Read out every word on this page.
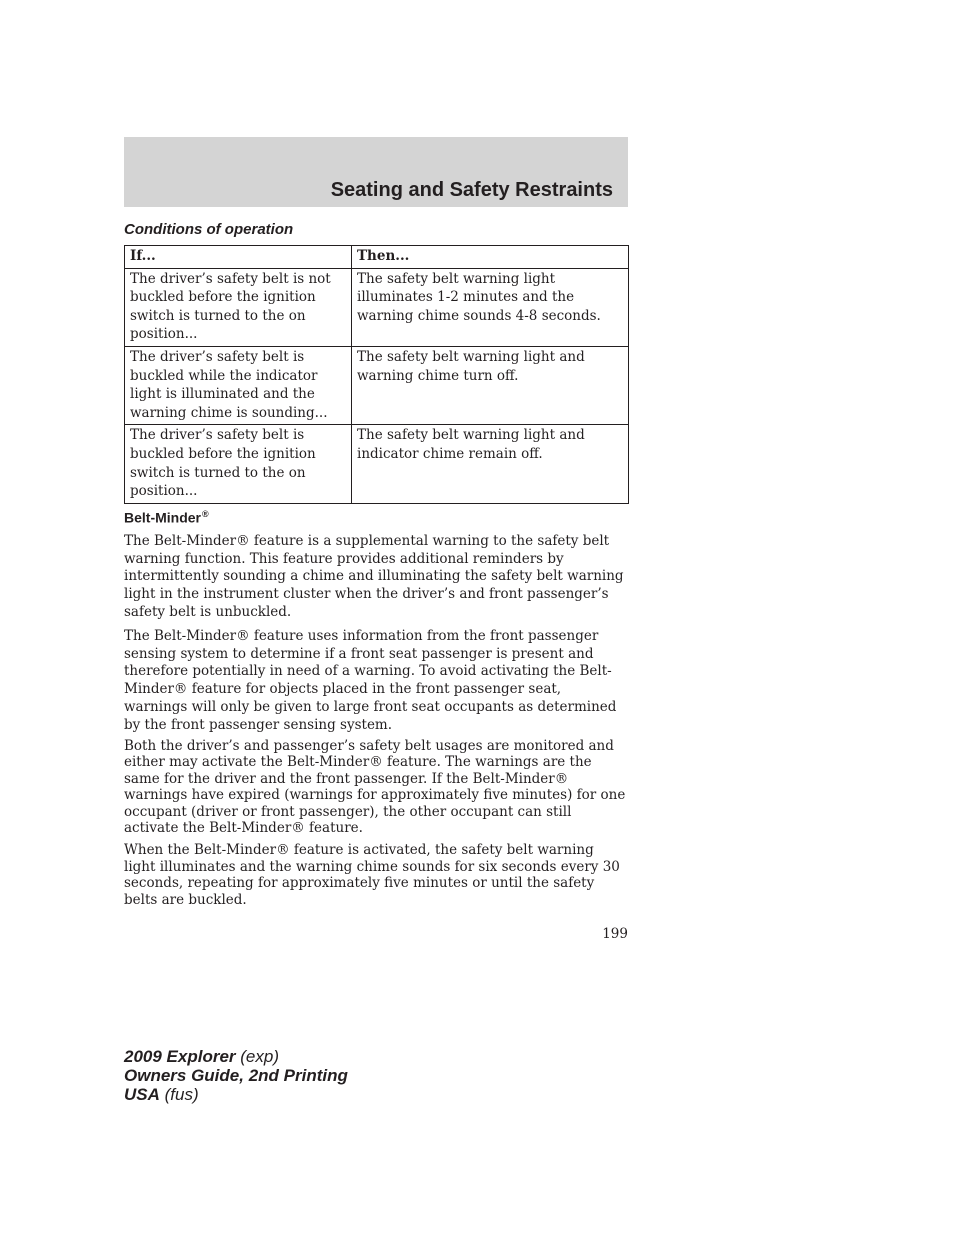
Seating and Safety Restraints
Conditions of operation
If...	Then...
The driver’s safety belt is not buckled before the ignition switch is turned to the on position...	The safety belt warning light illuminates 1-2 minutes and the warning chime sounds 4-8 seconds.
The driver’s safety belt is buckled while the indicator light is illuminated and the warning chime is sounding...	The safety belt warning light and warning chime turn off.
The driver’s safety belt is buckled before the ignition switch is turned to the on position...	The safety belt warning light and indicator chime remain off.
Belt-Minder®

The Belt-Minder® feature is a supplemental warning to the safety belt warning function. This feature provides additional reminders by intermittently sounding a chime and illuminating the safety belt warning light in the instrument cluster when the driver’s and front passenger’s safety belt is unbuckled.

The Belt-Minder® feature uses information from the front passenger sensing system to determine if a front seat passenger is present and therefore potentially in need of a warning. To avoid activating the Belt-Minder® feature for objects placed in the front passenger seat, warnings will only be given to large front seat occupants as determined by the front passenger sensing system.

Both the driver’s and passenger’s safety belt usages are monitored and either may activate the Belt-Minder® feature. The warnings are the same for the driver and the front passenger. If the Belt-Minder® warnings have expired (warnings for approximately five minutes) for one occupant (driver or front passenger), the other occupant can still activate the Belt-Minder® feature.

When the Belt-Minder® feature is activated, the safety belt warning light illuminates and the warning chime sounds for six seconds every 30 seconds, repeating for approximately five minutes or until the safety belts are buckled.

199
2009 Explorer (exp)
Owners Guide, 2nd Printing
USA (fus)
